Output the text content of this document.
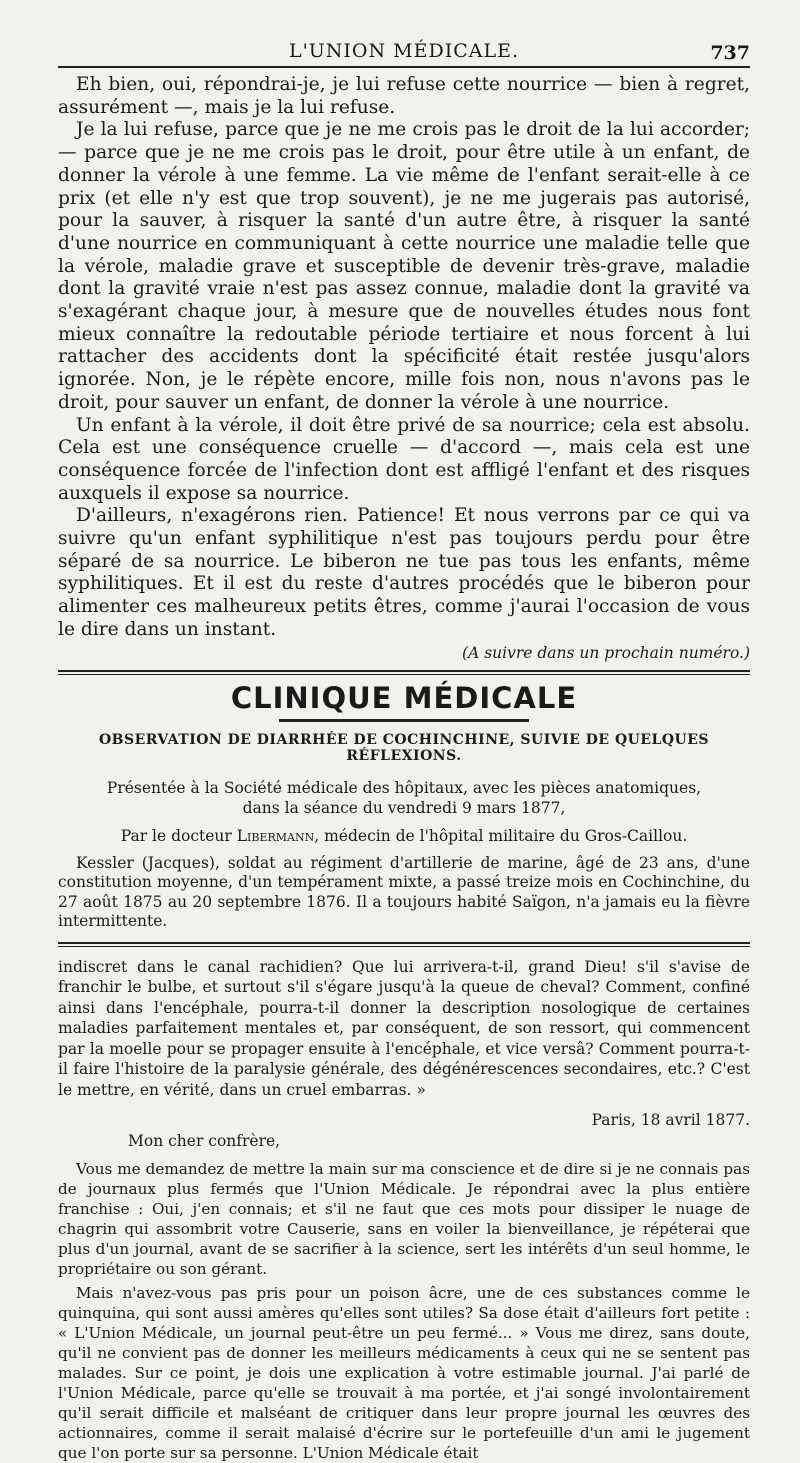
L'UNION MÉDICALE.	737

Eh bien, oui, répondrai-je, je lui refuse cette nourrice — bien à regret, assurément —, mais je la lui refuse.

Je la lui refuse, parce que je ne me crois pas le droit de la lui accorder; — parce que je ne me crois pas le droit, pour être utile à un enfant, de donner la vérole à une femme. La vie même de l'enfant serait-elle à ce prix (et elle n'y est que trop souvent), je ne me jugerais pas autorisé, pour la sauver, à risquer la santé d'un autre être, à risquer la santé d'une nourrice en communiquant à cette nourrice une maladie telle que la vérole, maladie grave et susceptible de devenir très-grave, maladie dont la gravité vraie n'est pas assez connue, maladie dont la gravité va s'exagérant chaque jour, à mesure que de nouvelles études nous font mieux connaître la redoutable période tertiaire et nous forcent à lui rattacher des accidents dont la spécificité était restée jusqu'alors ignorée. Non, je le répète encore, mille fois non, nous n'avons pas le droit, pour sauver un enfant, de donner la vérole à une nourrice.

Un enfant à la vérole, il doit être privé de sa nourrice; cela est absolu. Cela est une conséquence cruelle — d'accord —, mais cela est une conséquence forcée de l'infection dont est affligé l'enfant et des risques auxquels il expose sa nourrice.

D'ailleurs, n'exagérons rien. Patience! Et nous verrons par ce qui va suivre qu'un enfant syphilitique n'est pas toujours perdu pour être séparé de sa nourrice. Le biberon ne tue pas tous les enfants, même syphilitiques. Et il est du reste d'autres procédés que le biberon pour alimenter ces malheureux petits êtres, comme j'aurai l'occasion de vous le dire dans un instant.

(A suivre dans un prochain numéro.)
CLINIQUE MÉDICALE
OBSERVATION DE DIARRHÉE DE COCHINCHINE, SUIVIE DE QUELQUES RÉFLEXIONS.

Présentée à la Société médicale des hôpitaux, avec les pièces anatomiques,

dans la séance du vendredi 9 mars 1877,

Par le docteur Libermann, médecin de l'hôpital militaire du Gros-Caillou.

Kessler (Jacques), soldat au régiment d'artillerie de marine, âgé de 23 ans, d'une constitution moyenne, d'un tempérament mixte, a passé treize mois en Cochinchine, du 27 août 1875 au 20 septembre 1876. Il a toujours habité Saïgon, n'a jamais eu la fièvre intermittente.

indiscret dans le canal rachidien? Que lui arrivera-t-il, grand Dieu! s'il s'avise de franchir le bulbe, et surtout s'il s'égare jusqu'à la queue de cheval? Comment, confiné ainsi dans l'encéphale, pourra-t-il donner la description nosologique de certaines maladies parfaitement mentales et, par conséquent, de son ressort, qui commencent par la moelle pour se propager ensuite à l'encéphale, et vice versâ? Comment pourra-t-il faire l'histoire de la paralysie générale, des dégénérescences secondaires, etc.? C'est le mettre, en vérité, dans un cruel embarras. »

Paris, 18 avril 1877.

Mon cher confrère,

Vous me demandez de mettre la main sur ma conscience et de dire si je ne connais pas de journaux plus fermés que l'Union Médicale. Je répondrai avec la plus entière franchise : Oui, j'en connais; et s'il ne faut que ces mots pour dissiper le nuage de chagrin qui assombrit votre Causerie, sans en voiler la bienveillance, je répéterai que plus d'un journal, avant de se sacrifier à la science, sert les intérêts d'un seul homme, le propriétaire ou son gérant.

Mais n'avez-vous pas pris pour un poison âcre, une de ces substances comme le quinquina, qui sont aussi amères qu'elles sont utiles? Sa dose était d'ailleurs fort petite : « L'Union Médicale, un journal peut-être un peu fermé... » Vous me direz, sans doute, qu'il ne convient pas de donner les meilleurs médicaments à ceux qui ne se sentent pas malades. Sur ce point, je dois une explication à votre estimable journal. J'ai parlé de l'Union Médicale, parce qu'elle se trouvait à ma portée, et j'ai songé involontairement qu'il serait difficile et malséant de critiquer dans leur propre journal les œuvres des actionnaires, comme il serait malaisé d'écrire sur le portefeuille d'un ami le jugement que l'on porte sur sa personne. L'Union Médicale était
